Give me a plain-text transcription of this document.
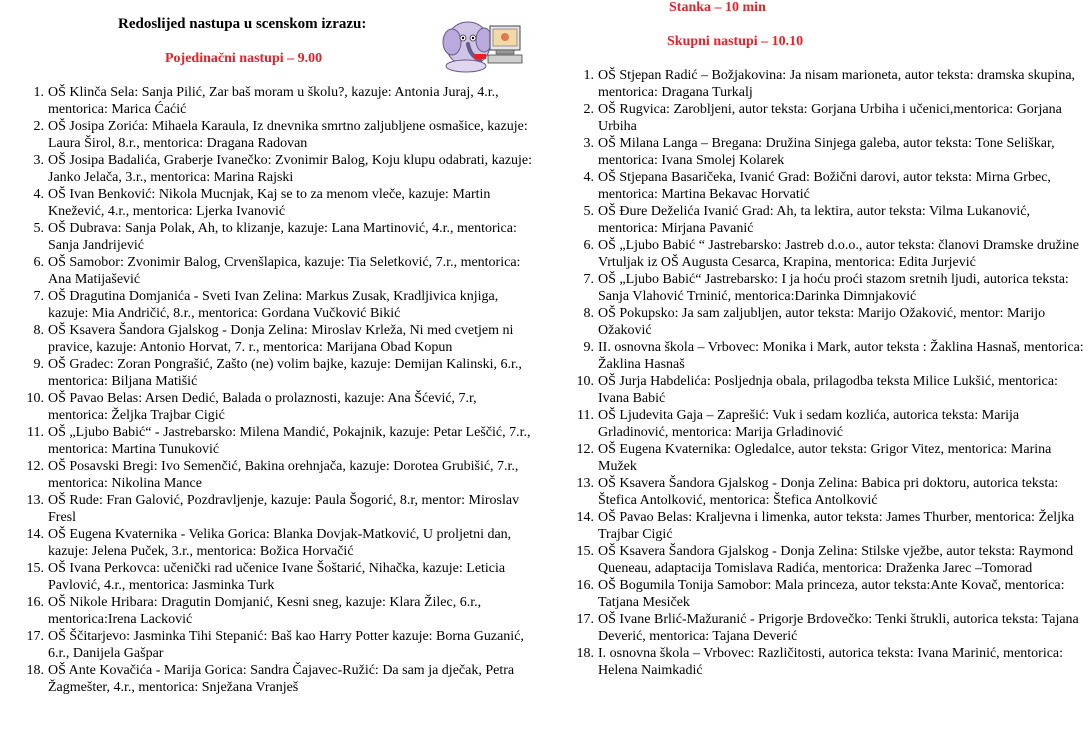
Redoslijed nastupa u scenskom izrazu:
Pojedinačni nastupi – 9.00
1. OŠ Klinča Sela: Sanja Pilić, Zar baš moram u školu?, kazuje: Antonia Juraj, 4.r., mentorica: Marica Ćaćić
2. OŠ Josipa Zorića: Mihaela Karaula, Iz dnevnika smrtno zaljubljene osmašice, kazuje: Laura Širol, 8.r., mentorica: Dragana Radovan
3. OŠ Josipa Badalića, Graberje Ivanečko: Zvonimir Balog, Koju klupu odabrati, kazuje: Janko Jelača, 3.r., mentorica: Marina Rajski
4. OŠ Ivan Benković: Nikola Mucnjak, Kaj se to za menom vleče, kazuje: Martin Knežević, 4.r., mentorica: Ljerka Ivanović
5. OŠ Dubrava: Sanja Polak, Ah, to klizanje, kazuje: Lana Martinović, 4.r., mentorica: Sanja Jandrijević
6. OŠ Samobor: Zvonimir Balog, Crvenšlapica, kazuje: Tia Seletković, 7.r., mentorica: Ana Matijašević
7. OŠ Dragutina Domjanića - Sveti Ivan Zelina: Markus Zusak, Kradljivica knjiga, kazuje: Mia Andričić, 8.r., mentorica: Gordana Vučković Bikić
8. OŠ Ksavera Šandora Gjalskog - Donja Zelina: Miroslav Krleža, Ni med cvetjem ni pravice, kazuje: Antonio Horvat, 7. r., mentorica: Marijana Obad Kopun
9. OŠ Gradec: Zoran Pongrašić, Zašto (ne) volim bajke, kazuje: Demijan Kalinski, 6.r., mentorica: Biljana Matišić
10. OŠ Pavao Belas: Arsen Dedić, Balada o prolaznosti, kazuje: Ana Šćević, 7.r, mentorica: Željka Trajbar Cigić
11. OŠ „Ljubo Babić“ - Jastrebarsko: Milena Mandić, Pokajnik, kazuje: Petar Leščić, 7.r., mentorica: Martina Tunuković
12. OŠ Posavski Bregi: Ivo Semenčić, Bakina orehnjača, kazuje: Dorotea Grubišić, 7.r., mentorica: Nikolina Mance
13. OŠ Rude: Fran Galović, Pozdravljenje, kazuje: Paula Šogorić, 8.r, mentor: Miroslav Fresl
14. OŠ Eugena Kvaternika - Velika Gorica: Blanka Dovjak-Matković, U proljetni dan, kazuje: Jelena Puček, 3.r., mentorica: Božica Horvačić
15. OŠ Ivana Perkovca: učenički rad učenice Ivane Šoštarić, Nihačka, kazuje: Leticia Pavlović, 4.r., mentorica: Jasminka Turk
16. OŠ Nikole Hribara: Dragutin Domjanić, Kesni sneg, kazuje: Klara Žilec, 6.r., mentorica:Irena Lacković
17. OŠ Ščitarjevo: Jasminka Tihi Stepanić: Baš kao Harry Potter kazuje: Borna Guzanić, 6.r., Danijela Gašpar
18. OŠ Ante Kovačića - Marija Gorica: Sandra Čajavec-Ružić: Da sam ja dječak, Petra Žagmešter, 4.r., mentorica: Snježana Vranješ
Stanka – 10 min
Skupni nastupi – 10.10
1. OŠ Stjepan Radić – Božjakovina: Ja nisam marioneta, autor teksta: dramska skupina, mentorica: Dragana Turkalj
2. OŠ Rugvica: Zarobljeni, autor teksta: Gorjana Urbiha i učenici,mentorica: Gorjana Urbiha
3. OŠ Milana Langa – Bregana: Družina Sinjega galeba, autor teksta: Tone Seliškar, mentorica: Ivana Smolej Kolarek
4. OŠ Stjepana Basaričeka, Ivanić Grad: Božični darovi, autor teksta: Mirna Grbec, mentorica: Martina Bekavac Horvatić
5. OŠ Đure Deželića Ivanić Grad: Ah, ta lektira, autor teksta: Vilma Lukanović, mentorica: Mirjana Pavanić
6. OŠ „Ljubo Babić “ Jastrebarsko: Jastreb d.o.o., autor teksta: članovi Dramske družine Vrtuljak iz OŠ Augusta Cesarca, Krapina, mentorica: Edita Jurjević
7. OŠ „Ljubo Babić“ Jastrebarsko: I ja hoću proći stazom sretnih ljudi, autorica teksta: Sanja Vlahović Trninić, mentorica:Darinka Dimnjaković
8. OŠ Pokupsko: Ja sam zaljubljen, autor teksta: Marijo Ožaković, mentor: Marijo Ožaković
9. II. osnovna škola – Vrbovec: Monika i Mark, autor teksta : Žaklina Hasnaš, mentorica: Žaklina Hasnaš
10. OŠ Jurja Habdelića: Posljednja obala, prilagodba teksta Milice Lukšić, mentorica: Ivana Babić
11. OŠ Ljudevita Gaja – Zaprešić: Vuk i sedam kozlića, autorica teksta: Marija Grladinović, mentorica: Marija Grladinović
12. OŠ Eugena Kvaternika: Ogledalce, autor teksta: Grigor Vitez, mentorica: Marina Mužek
13. OŠ Ksavera Šandora Gjalskog - Donja Zelina: Babica pri doktoru, autorica teksta: Štefica Antolković, mentorica: Štefica Antolković
14. OŠ Pavao Belas: Kraljevna i limenka, autor teksta: James Thurber, mentorica: Željka Trajbar Cigić
15. OŠ Ksavera Šandora Gjalskog - Donja Zelina: Stilske vježbe, autor teksta: Raymond Queneau, adaptacija Tomislava Radića, mentorica: Draženka Jarec –Tomorad
16. OŠ Bogumila Tonija Samobor: Mala princeza, autor teksta:Ante Kovač, mentorica: Tatjana Mesiček
17. OŠ Ivane Brlić-Mažuranić - Prigorje Brdovečko: Tenki štrukli, autorica teksta: Tajana Deverić, mentorica: Tajana Deverić
18. I. osnovna škola – Vrbovec: Različitosti, autorica teksta: Ivana Marinić, mentorica: Helena Naimkadić
